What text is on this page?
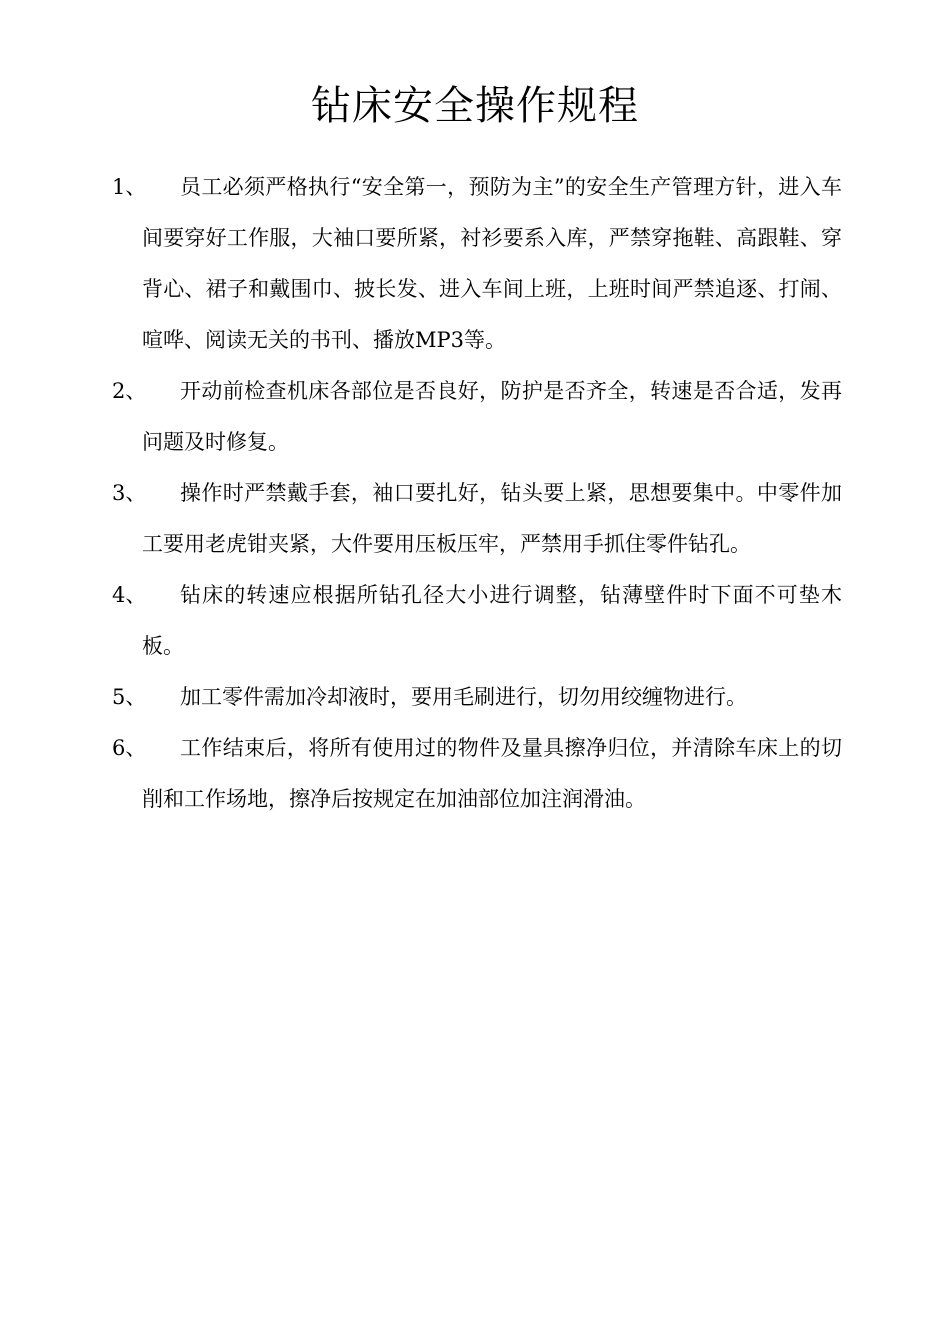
钻床安全操作规程
1、	员工必须严格执行“安全第一，预防为主”的安全生产管理方针，进入车间要穿好工作服，大袖口要所紧，衬衫要系入库，严禁穿拖鞋、高跟鞋、穿背心、裙子和戴围巾、披长发、进入车间上班，上班时间严禁追逐、打闹、喧哗、阅读无关的书刊、播放MP3等。
2、	开动前检查机床各部位是否良好，防护是否齐全，转速是否合适，发再问题及时修复。
3、	操作时严禁戴手套，袖口要扎好，钻头要上紧，思想要集中。中零件加工要用老虎钳夹紧，大件要用压板压牢，严禁用手抓住零件钻孔。
4、	钻床的转速应根据所钻孔径大小进行调整，钻薄壁件时下面不可垫木板。
5、	加工零件需加冷却液时，要用毛刷进行，切勿用绞缠物进行。
6、	工作结束后，将所有使用过的物件及量具擦净归位，并清除车床上的切削和工作场地，擦净后按规定在加油部位加注润滑油。
